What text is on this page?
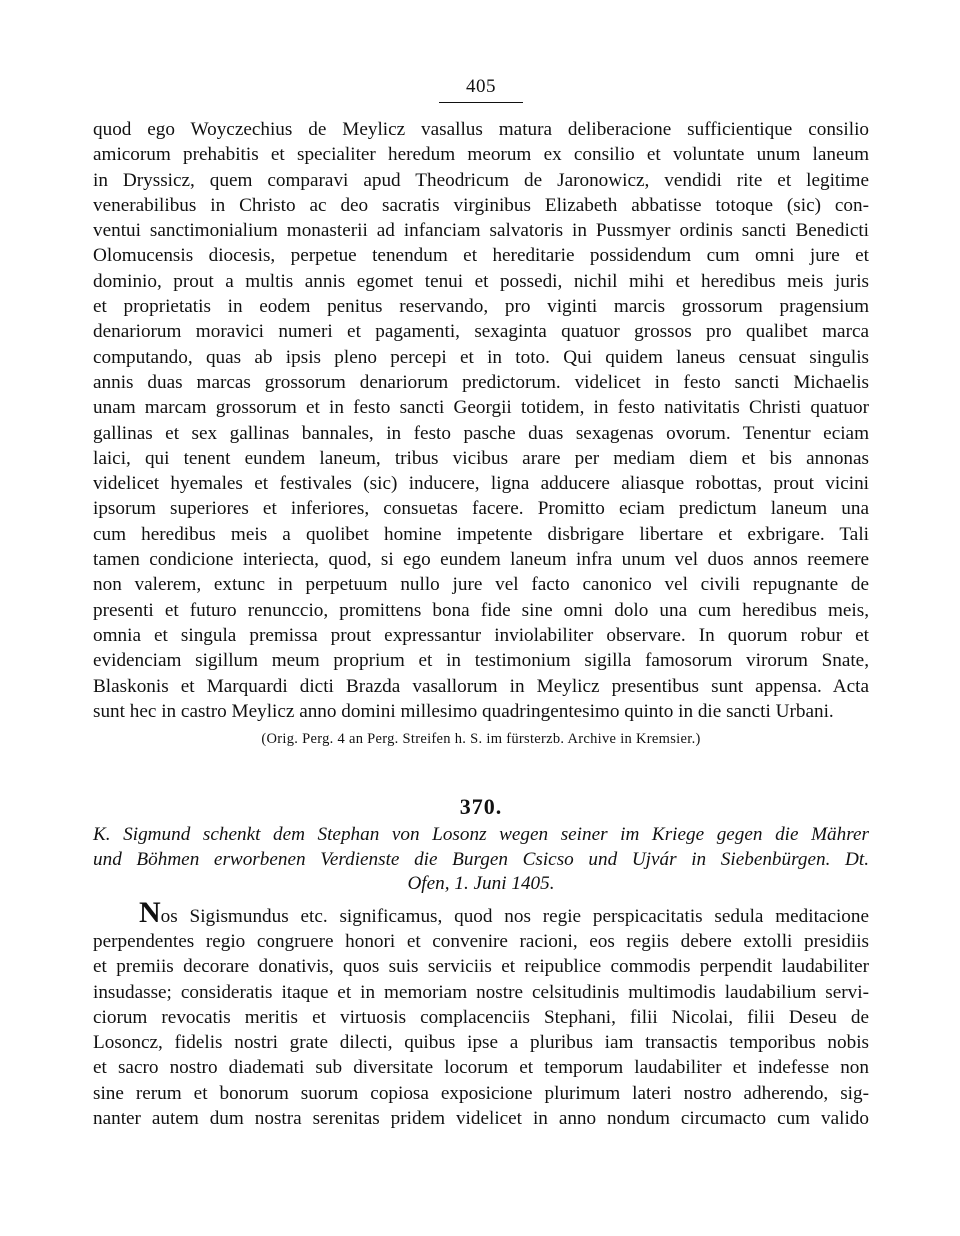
405
quod ego Woyczechius de Meylicz vasallus matura deliberacione sufficientique consilio
amicorum prehabitis et specialiter heredum meorum ex consilio et voluntate unum laneum
in Dryssicz, quem comparavi apud Theodricum de Jaronowicz, vendidi rite et legitime
venerabilibus in Christo ac deo sacratis virginibus Elizabeth abbatisse totoque (sic) con-
ventui sanctimonialium monasterii ad infanciam salvatoris in Pussmyer ordinis sancti Benedicti
Olomucensis diocesis, perpetue tenendum et hereditarie possidendum cum omni jure et
dominio, prout a multis annis egomet tenui et possedi, nichil mihi et heredibus meis juris
et proprietatis in eodem penitus reservando, pro viginti marcis grossorum pragensium
denariorum moravici numeri et pagamenti, sexaginta quatuor grossos pro qualibet marca
computando, quas ab ipsis pleno percepi et in toto. Qui quidem laneus censuat singulis
annis duas marcas grossorum denariorum predictorum. videlicet in festo sancti Michaelis
unam marcam grossorum et in festo sancti Georgii totidem, in festo nativitatis Christi quatuor
gallinas et sex gallinas bannales, in festo pasche duas sexagenas ovorum. Tenentur eciam
laici, qui tenent eundem laneum, tribus vicibus arare per mediam diem et bis annonas
videlicet hyemales et festivales (sic) inducere, ligna adducere aliasque robottas, prout vicini
ipsorum superiores et inferiores, consuetas facere. Promitto eciam predictum laneum una
cum heredibus meis a quolibet homine impetente disbrigare libertare et exbrigare. Tali
tamen condicione interiecta, quod, si ego eundem laneum infra unum vel duos annos reemere
non valerem, extunc in perpetuum nullo jure vel facto canonico vel civili repugnante de
presenti et futuro renunccio, promittens bona fide sine omni dolo una cum heredibus meis,
omnia et singula premissa prout expressantur inviolabiliter observare. In quorum robur et
evidenciam sigillum meum proprium et in testimonium sigilla famosorum virorum Snate,
Blaskonis et Marquardi dicti Brazda vasallorum in Meylicz presentibus sunt appensa. Acta
sunt hec in castro Meylicz anno domini millesimo quadringentesimo quinto in die sancti Urbani.
(Orig. Perg. 4 an Perg. Streifen h. S. im fürsterzb. Archive in Kremsier.)
370.
K. Sigmund schenkt dem Stephan von Losonz wegen seiner im Kriege gegen die Mährer
und Böhmen erworbenen Verdienste die Burgen Csicso und Ujvár in Siebenbürgen. Dt.
Ofen, 1. Juni 1405.
Nos Sigismundus etc. significamus, quod nos regie perspicacitatis sedula meditacione
perpendentes regio congruere honori et convenire racioni, eos regiis debere extolli presidiis
et premiis decorare donativis, quos suis serviciis et reipublice commodis perpendit laudabiliter
insudasse; consideratis itaque et in memoriam nostre celsitudinis multimodis laudabilium servi-
ciorum revocatis meritis et virtuosis complacenciis Stephani, filii Nicolai, filii Deseu de
Losoncz, fidelis nostri grate dilecti, quibus ipse a pluribus iam transactis temporibus nobis
et sacro nostro diademati sub diversitate locorum et temporum laudabiliter et indefesse non
sine rerum et bonorum suorum copiosa exposicione plurimum lateri nostro adherendo, sig-
nanter autem dum nostra serenitas pridem videlicet in anno nondum circumacto cum valido
